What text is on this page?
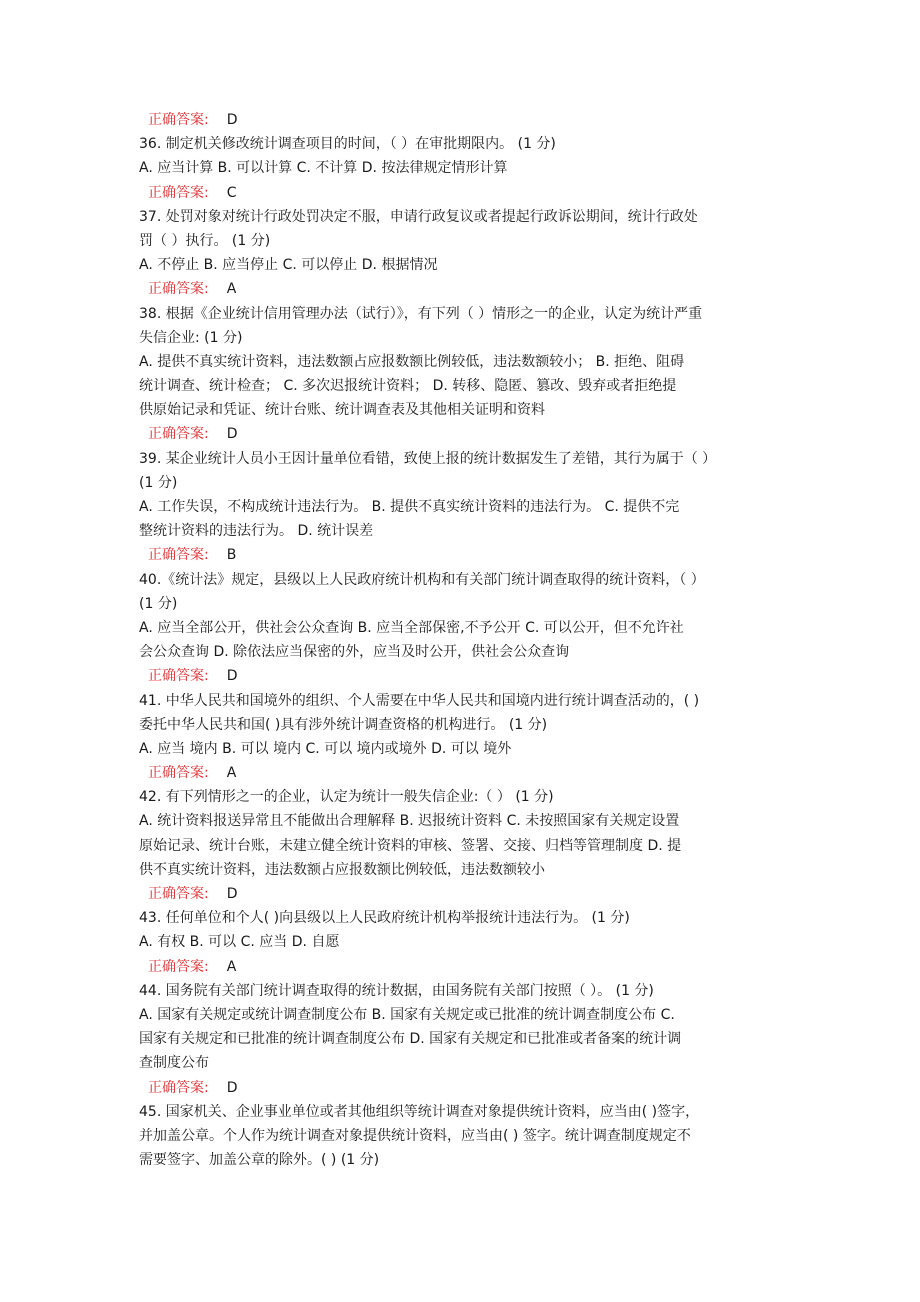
正确答案: D
36. 制定机关修改统计调查项目的时间，（ ）在审批期限内。 (1 分)
A. 应当计算 B. 可以计算 C. 不计算 D. 按法律规定情形计算
正确答案: C
37. 处罚对象对统计行政处罚决定不服，申请行政复议或者提起行政诉讼期间，统计行政处
罚（ ）执行。 (1 分)
A. 不停止 B. 应当停止 C. 可以停止 D. 根据情况
正确答案: A
38. 根据《企业统计信用管理办法（试行）》，有下列（ ）情形之一的企业，认定为统计严重
失信企业: (1 分)
A. 提供不真实统计资料，违法数额占应报数额比例较低，违法数额较小； B. 拒绝、阻碍
统计调查、统计检查； C. 多次迟报统计资料； D. 转移、隐匿、篡改、毁弃或者拒绝提
供原始记录和凭证、统计台账、统计调查表及其他相关证明和资料
正确答案: D
39. 某企业统计人员小王因计量单位看错，致使上报的统计数据发生了差错，其行为属于（ ）
(1 分)
A. 工作失误，不构成统计违法行为。 B. 提供不真实统计资料的违法行为。 C. 提供不完
整统计资料的违法行为。 D. 统计误差
正确答案: B
40.《统计法》规定，县级以上人民政府统计机构和有关部门统计调查取得的统计资料，（ ）
(1 分)
A. 应当全部公开，供社会公众查询 B. 应当全部保密,不予公开 C. 可以公开，但不允许社
会公众查询 D. 除依法应当保密的外，应当及时公开，供社会公众查询
正确答案: D
41. 中华人民共和国境外的组织、个人需要在中华人民共和国境内进行统计调查活动的，( )
委托中华人民共和国( )具有涉外统计调查资格的机构进行。 (1 分)
A. 应当 境内 B. 可以 境内 C. 可以 境内或境外 D. 可以 境外
正确答案: A
42. 有下列情形之一的企业，认定为统计一般失信企业:（ ） (1 分)
A. 统计资料报送异常且不能做出合理解释 B. 迟报统计资料 C. 未按照国家有关规定设置
原始记录、统计台账，未建立健全统计资料的审核、签署、交接、归档等管理制度 D. 提
供不真实统计资料，违法数额占应报数额比例较低，违法数额较小
正确答案: D
43. 任何单位和个人( )向县级以上人民政府统计机构举报统计违法行为。 (1 分)
A. 有权 B. 可以 C. 应当 D. 自愿
正确答案: A
44. 国务院有关部门统计调查取得的统计数据，由国务院有关部门按照（ ）。 (1 分)
A. 国家有关规定或统计调查制度公布 B. 国家有关规定或已批准的统计调查制度公布 C.
国家有关规定和已批准的统计调查制度公布 D. 国家有关规定和已批准或者备案的统计调
查制度公布
正确答案: D
45. 国家机关、企业事业单位或者其他组织等统计调查对象提供统计资料，应当由( )签字，
并加盖公章。个人作为统计调查对象提供统计资料，应当由( ) 签字。统计调查制度规定不
需要签字、加盖公章的除外。( ) (1 分)
